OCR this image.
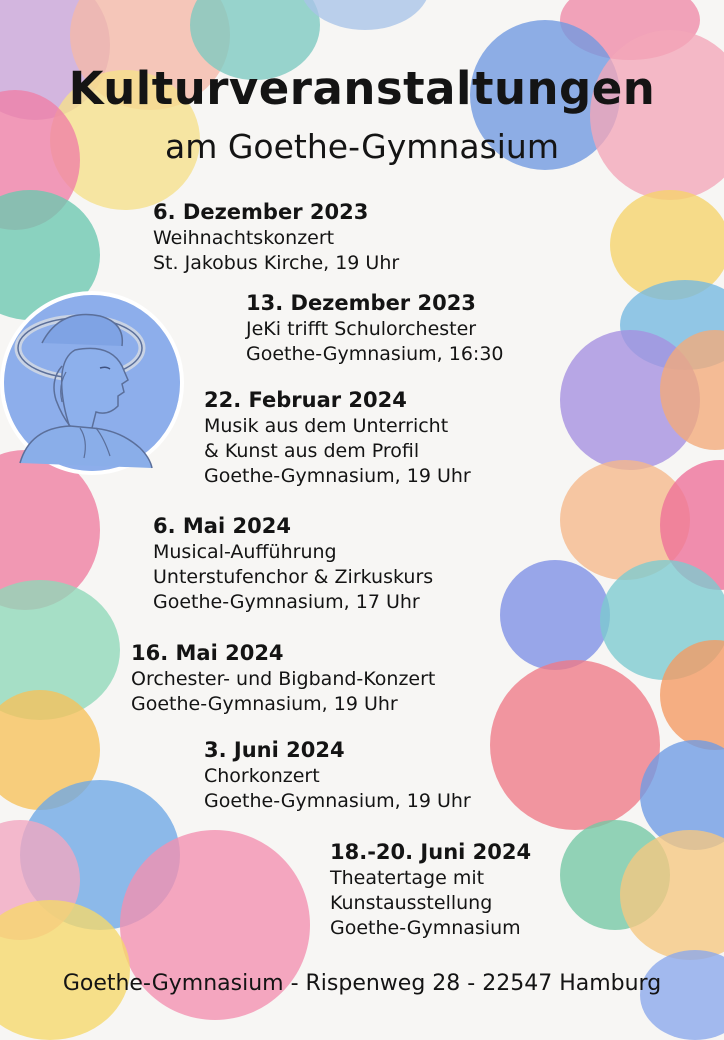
Kulturveranstaltungen
am Goethe-Gymnasium
6. Dezember 2023
Weihnachtskonzert
St. Jakobus Kirche, 19 Uhr
13. Dezember 2023
JeKi trifft Schulorchester
Goethe-Gymnasium, 16:30
22. Februar 2024
Musik aus dem Unterricht
& Kunst aus dem Profil
Goethe-Gymnasium, 19 Uhr
6. Mai 2024
Musical-Aufführung
Unterstufenchor & Zirkuskurs
Goethe-Gymnasium, 17 Uhr
16. Mai 2024
Orchester- und Bigband-Konzert
Goethe-Gymnasium, 19 Uhr
3. Juni 2024
Chorkonzert
Goethe-Gymnasium, 19 Uhr
18.-20. Juni 2024
Theatertage mit
Kunstausstellung
Goethe-Gymnasium
Goethe-Gymnasium - Rispenweg 28 - 22547 Hamburg
